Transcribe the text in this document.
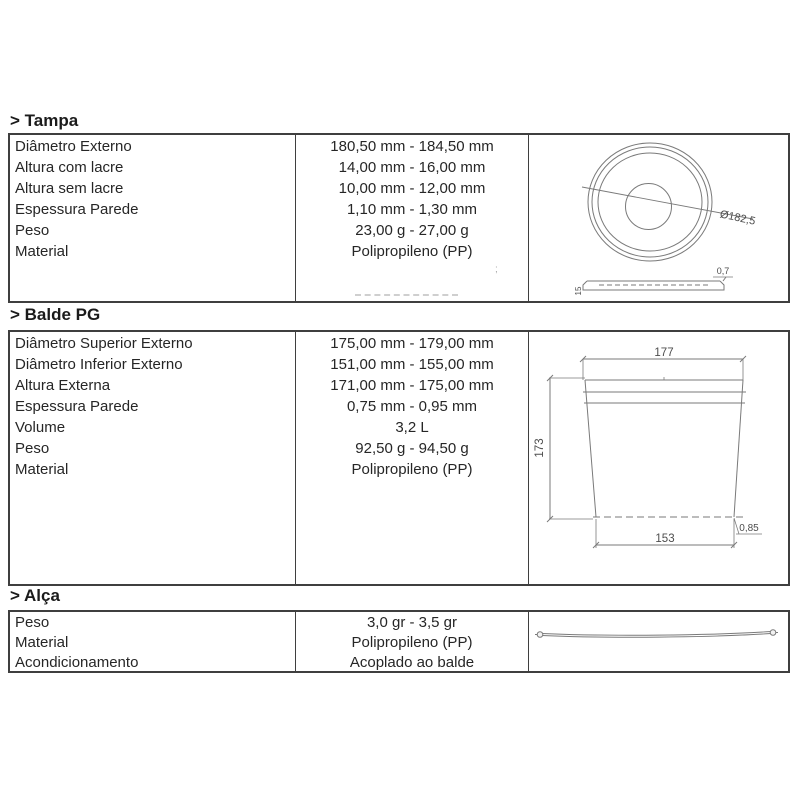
> Tampa
Diâmetro Externo
Altura com lacre
Altura sem lacre
Espessura Parede
Peso
Material
180,50 mm - 184,50 mm
14,00 mm - 16,00 mm
10,00 mm - 12,00 mm
1,10 mm - 1,30 mm
23,00 g - 27,00 g
Polipropileno (PP)
Ø182,5
0,7
15
;
> Balde PG
Diâmetro Superior Externo
Diâmetro Inferior Externo
Altura Externa
Espessura Parede
Volume
Peso
Material
175,00 mm - 179,00 mm
151,00 mm - 155,00 mm
171,00 mm - 175,00 mm
0,75 mm - 0,95 mm
3,2 L
92,50 g - 94,50 g
Polipropileno (PP)
177
173
153
0,85
> Alça
Peso
Material
Acondicionamento
3,0 gr - 3,5 gr
Polipropileno (PP)
Acoplado ao balde
